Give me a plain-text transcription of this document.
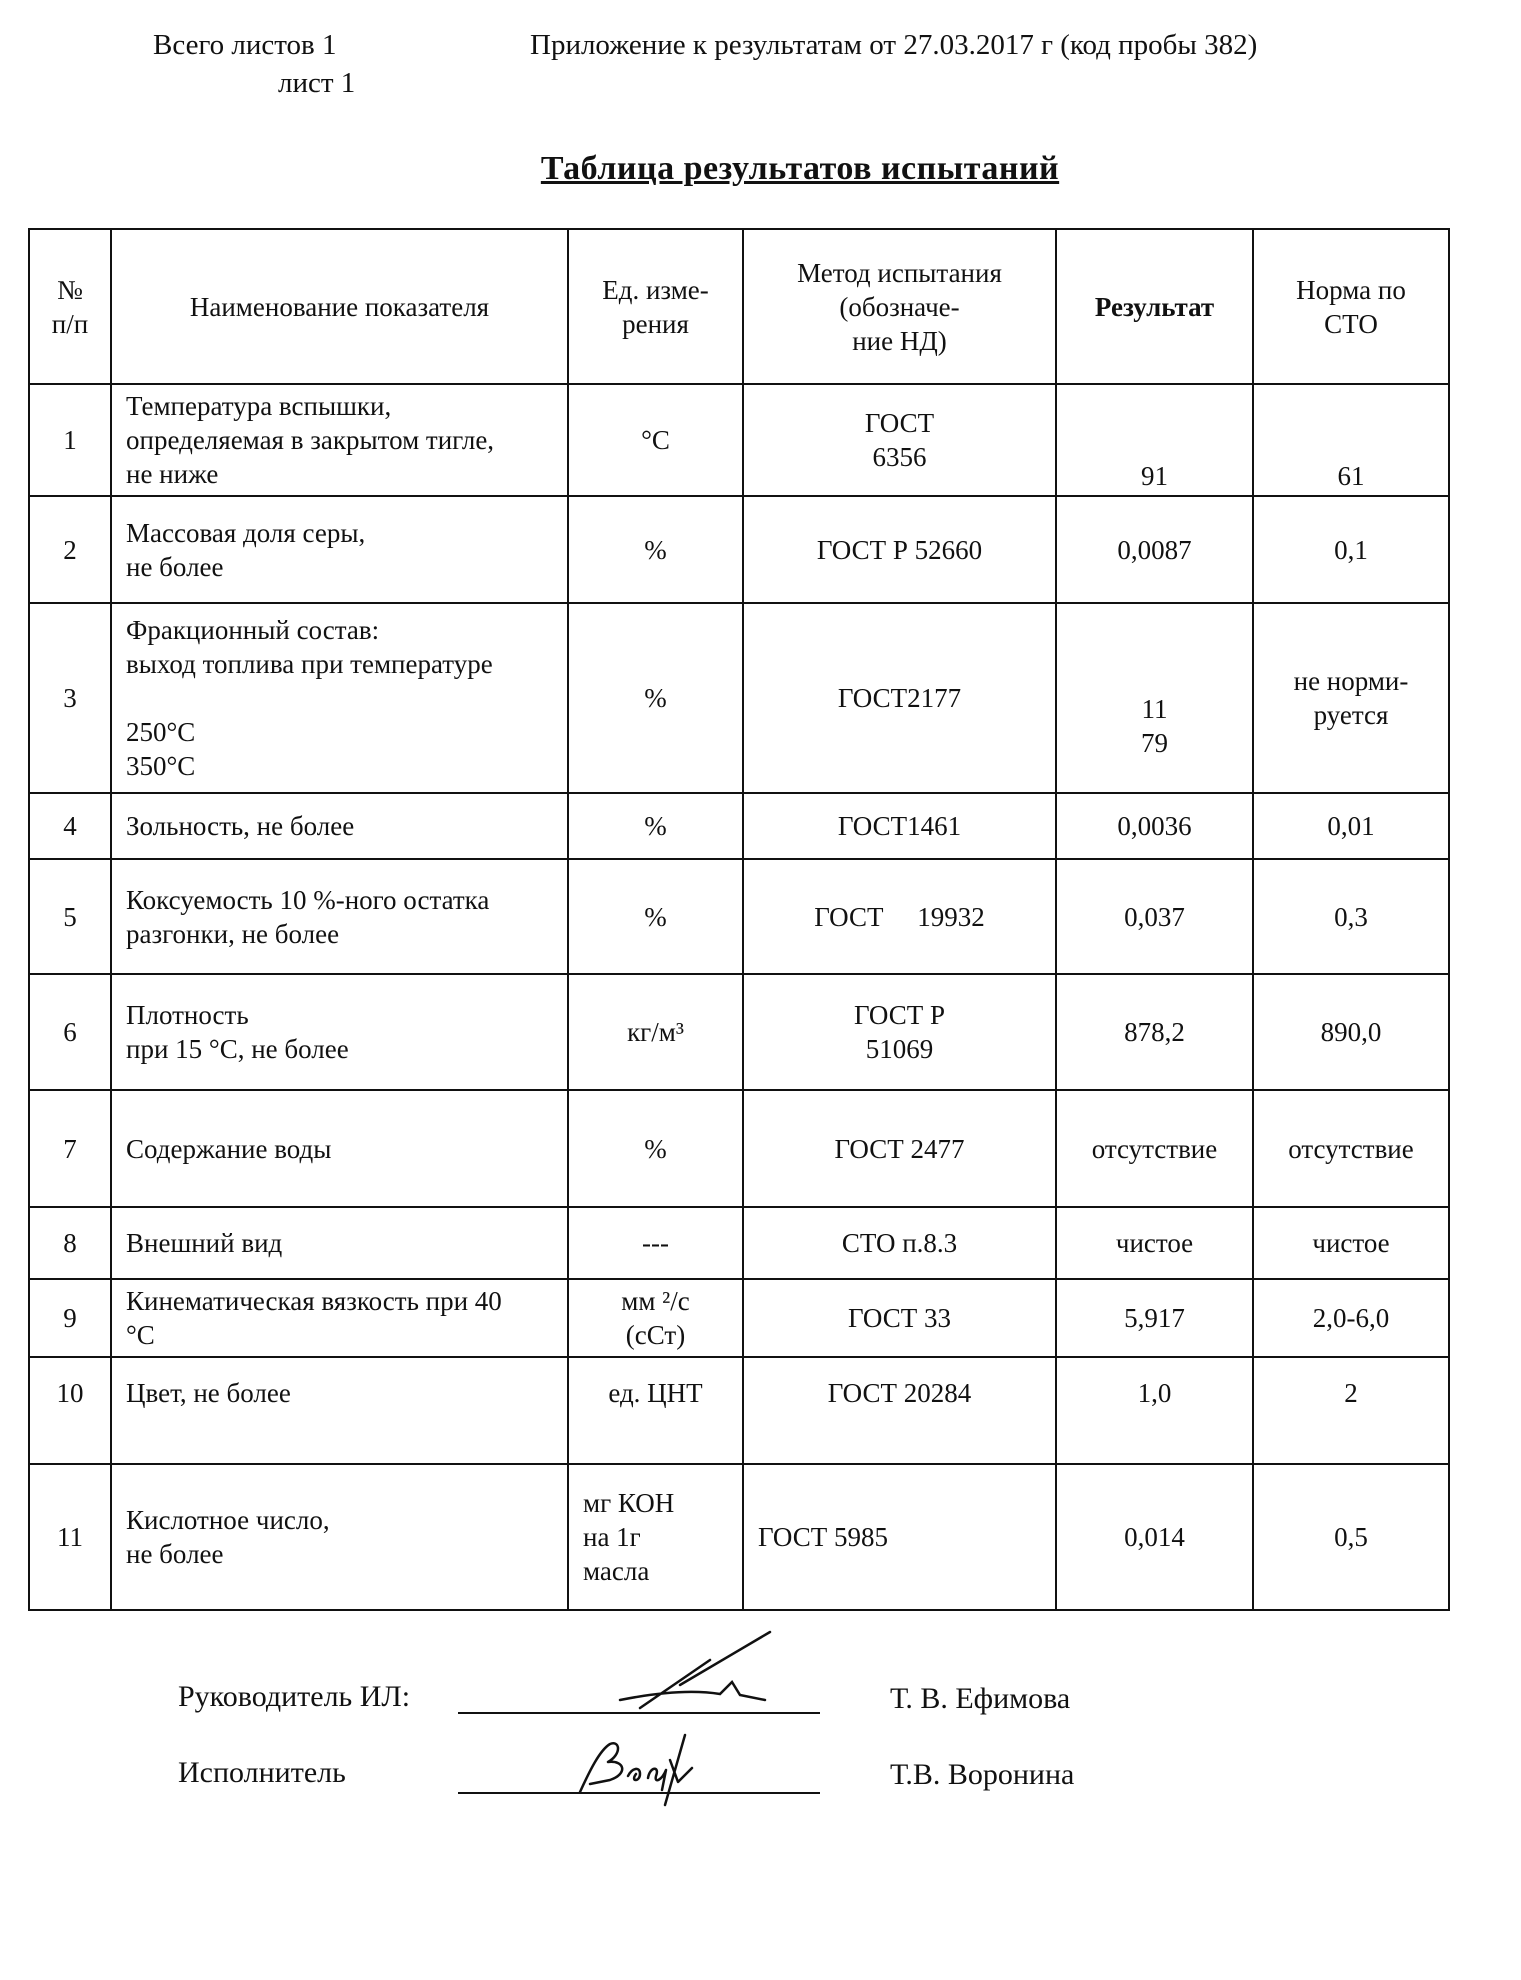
Всего листов 1
лист 1
Приложение к результатам от 27.03.2017 г (код пробы 382)
Таблица результатов испытаний
№
п/п	Наименование показателя	Ед. изме-
рения	Метод испытания
(обозначе-
ние НД)	Результат	Норма по
СТО
1	Температура вспышки,
определяемая в закрытом тигле,
не ниже	°С	ГОСТ
6356	91	61
2	Массовая доля серы,
не более	%	ГОСТ Р 52660	0,0087	0,1
3	Фракционный состав:
выход топлива при температуре

250°С
350°С	%	ГОСТ2177	11
79	не норми-
руется
4	Зольность, не более	%	ГОСТ1461	0,0036	0,01
5	Коксуемость 10 %-ного остатка
разгонки, не более	%	ГОСТ     19932	0,037	0,3
6	Плотность
при 15 °С, не более	кг/м³	ГОСТ Р
51069	878,2	890,0
7	Содержание воды	%	ГОСТ 2477	отсутствие	отсутствие
8	Внешний вид	---	СТО п.8.3	чистое	чистое
9	Кинематическая вязкость при 40
°С	мм ²/с
(сСт)	ГОСТ 33	5,917	2,0-6,0
10	Цвет, не более	ед. ЦНТ	ГОСТ 20284	1,0	2
11	Кислотное число,
не более	мг КОН
на 1г
масла	ГОСТ 5985	0,014	0,5
Руководитель ИЛ:	Т. В. Ефимова
Исполнитель	Т.В. Воронина
